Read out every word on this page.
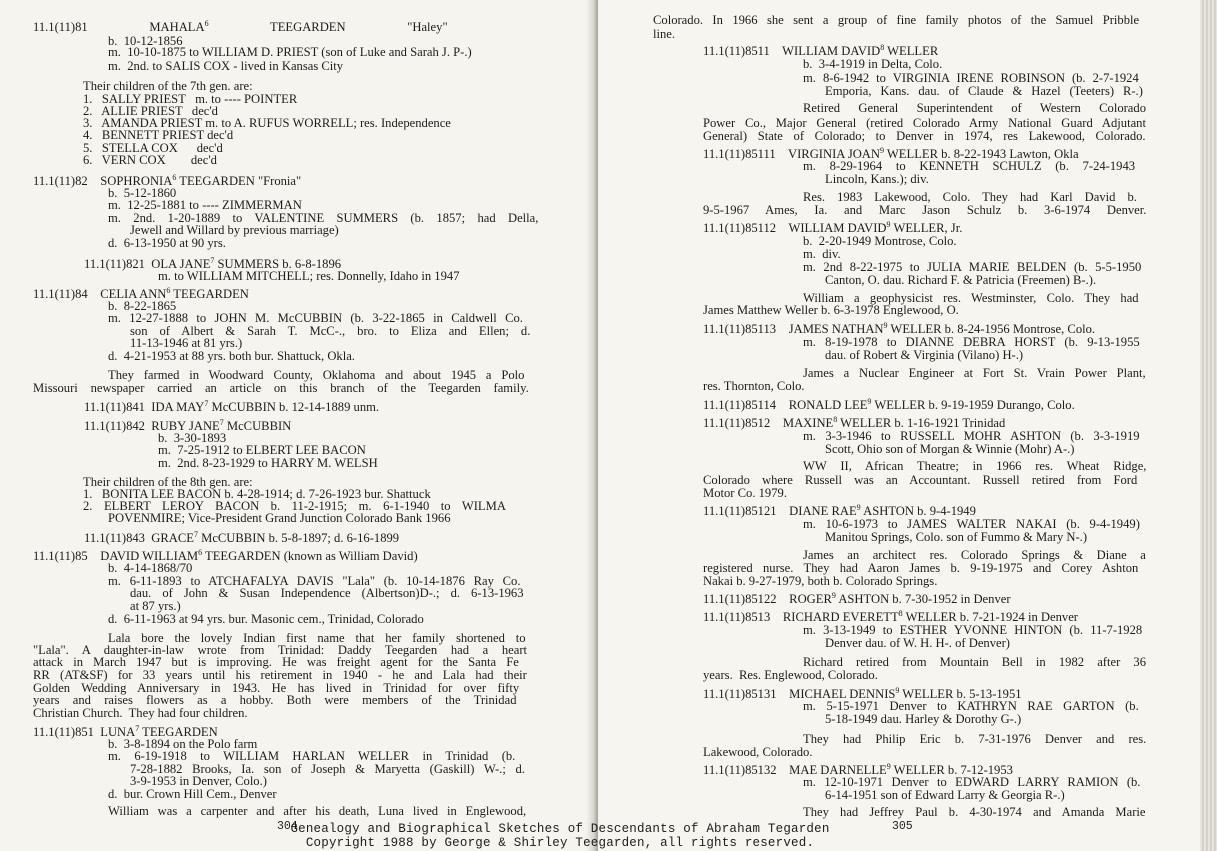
11.1(11)81 MAHALA$^6$ TEEGARDEN "Haley"
b.  10-12-1856
m.  10-10-1875 to WILLIAM D. PRIEST (son of Luke and Sarah J. P-.)
m.  2nd. to SALIS COX - lived in Kansas City
Their children of the 7th gen. are:
1.   SALLY PRIEST   m. to ---- POINTER
2.   ALLIE PRIEST   dec'd
3.   AMANDA PRIEST m. to A. RUFUS WORRELL; res. Independence
4.   BENNETT PRIEST dec'd
5.   STELLA COX      dec'd
6.   VERN COX        dec'd
11.1(11)82    SOPHRONIA$^6$ TEEGARDEN "Fronia"
b.  5-12-1860
m.  12-25-1881 to ---- ZIMMERMAN
m. 2nd. 1-20-1889 to VALENTINE SUMMERS (b. 1857; had Della,
Jewell and Willard by previous marriage)
d.  6-13-1950 at 90 yrs.
11.1(11)821  OLA JANE$^7$ SUMMERS b. 6-8-1896
m. to WILLIAM MITCHELL; res. Donnelly, Idaho in 1947
11.1(11)84    CELIA ANN$^6$ TEEGARDEN
b.  8-22-1865
m. 12-27-1888 to JOHN M. McCUBBIN (b. 3-22-1865 in Caldwell Co.
son of Albert & Sarah T. McC-., bro. to Eliza and Ellen; d.
11-13-1946 at 81 yrs.)
d.  4-21-1953 at 88 yrs. both bur. Shattuck, Okla.
They farmed in Woodward County, Oklahoma and about 1945 a Polo
Missouri newspaper carried an article on this branch of the Teegarden family.
11.1(11)841  IDA MAY$^7$ McCUBBIN b. 12-14-1889 unm.
11.1(11)842  RUBY JANE$^7$ McCUBBIN
b.  3-30-1893
m.  7-25-1912 to ELBERT LEE BACON
m.  2nd. 8-23-1929 to HARRY M. WELSH
Their children of the 8th gen. are:
1.   BONITA LEE BACON b. 4-28-1914; d. 7-26-1923 bur. Shattuck
2. ELBERT LEROY BACON b. 11-2-1915; m. 6-1-1940 to WILMA
POVENMIRE; Vice-President Grand Junction Colorado Bank 1966
11.1(11)843  GRACE$^7$ McCUBBIN b. 5-8-1897; d. 6-16-1899
11.1(11)85    DAVID WILLIAM$^6$ TEEGARDEN (known as William David)
b.  4-14-1868/70
m. 6-11-1893 to ATCHAFALYA DAVIS "Lala" (b. 10-14-1876 Ray Co.
dau. of John & Susan Independence (Albertson)D-.; d. 6-13-1963
at 87 yrs.)
d.  6-11-1963 at 94 yrs. bur. Masonic cem., Trinidad, Colorado
Lala bore the lovely Indian first name that her family shortened to
"Lala". A daughter-in-law wrote from Trinidad: Daddy Teegarden had a heart
attack in March 1947 but is improving. He was freight agent for the Santa Fe
RR (AT&SF) for 33 years until his retirement in 1940 - he and Lala had their
Golden Wedding Anniversary in 1943. He has lived in Trinidad for over fifty
years and raises flowers as a hobby. Both were members of the Trinidad
Christian Church.  They had four children.
11.1(11)851  LUNA$^7$ TEEGARDEN
b.  3-8-1894 on the Polo farm
m. 6-19-1918 to WILLIAM HARLAN WELLER in Trinidad (b.
7-28-1882 Brooks, Ia. son of Joseph & Maryetta (Gaskill) W-.; d.
3-9-1953 in Denver, Colo.)
d.  bur. Crown Hill Cem., Denver
William was a carpenter and after his death, Luna lived in Englewood,
Colorado. In 1966 she sent a group of fine family photos of the Samuel Pribble
line.
11.1(11)8511    WILLIAM DAVID$^8$ WELLER
b.  3-4-1919 in Delta, Colo.
m. 8-6-1942 to VIRGINIA IRENE ROBINSON (b. 2-7-1924
Emporia, Kans. dau. of Claude & Hazel (Teeters) R-.)
Retired General Superintendent of Western Colorado
Power Co., Major General (retired Colorado Army National Guard Adjutant
General) State of Colorado; to Denver in 1974, res Lakewood, Colorado.
11.1(11)85111    VIRGINIA JOAN$^9$ WELLER b. 8-22-1943 Lawton, Okla
m. 8-29-1964 to KENNETH SCHULZ (b. 7-24-1943
Lincoln, Kans.); div.
Res. 1983 Lakewood, Colo. They had Karl David b.
9-5-1967 Ames, Ia. and Marc Jason Schulz b. 3-6-1974 Denver.
11.1(11)85112    WILLIAM DAVID$^9$ WELLER, Jr.
b.  2-20-1949 Montrose, Colo.
m.  div.
m. 2nd 8-22-1975 to JULIA MARIE BELDEN (b. 5-5-1950
Canton, O. dau. Richard F. & Patricia (Freemen) B-.).
William a geophysicist res. Westminster, Colo. They had
James Matthew Weller b. 6-3-1978 Englewood, O.
11.1(11)85113    JAMES NATHAN$^9$ WELLER b. 8-24-1956 Montrose, Colo.
m. 8-19-1978 to DIANNE DEBRA HORST (b. 9-13-1955
dau. of Robert & Virginia (Vilano) H-.)
James a Nuclear Engineer at Fort St. Vrain Power Plant,
res. Thornton, Colo.
11.1(11)85114    RONALD LEE$^9$ WELLER b. 9-19-1959 Durango, Colo.
11.1(11)8512    MAXINE$^8$ WELLER b. 1-16-1921 Trinidad
m. 3-3-1946 to RUSSELL MOHR ASHTON (b. 3-3-1919
Scott, Ohio son of Morgan & Winnie (Mohr) A-.)
WW II, African Theatre; in 1966 res. Wheat Ridge,
Colorado where Russell was an Accountant. Russell retired from Ford
Motor Co. 1979.
11.1(11)85121    DIANE RAE$^9$ ASHTON b. 9-4-1949
m. 10-6-1973 to JAMES WALTER NAKAI (b. 9-4-1949)
Manitou Springs, Colo. son of Fummo & Mary N-.)
James an architect res. Colorado Springs & Diane a
registered nurse. They had Aaron James b. 9-19-1975 and Corey Ashton
Nakai b. 9-27-1979, both b. Colorado Springs.
11.1(11)85122    ROGER$^9$ ASHTON b. 7-30-1952 in Denver
11.1(11)8513    RICHARD EVERETT$^8$ WELLER b. 7-21-1924 in Denver
m. 3-13-1949 to ESTHER YVONNE HINTON (b. 11-7-1928
Denver dau. of W. H. H-. of Denver)
Richard retired from Mountain Bell in 1982 after 36
years.  Res. Englewood, Colorado.
11.1(11)85131    MICHAEL DENNIS$^9$ WELLER b. 5-13-1951
m. 5-15-1971 Denver to KATHRYN RAE GARTON (b.
5-18-1949 dau. Harley & Dorothy G-.)
They had Philip Eric b. 7-31-1976 Denver and res.
Lakewood, Colorado.
11.1(11)85132    MAE DARNELLE$^9$ WELLER b. 7-12-1953
m. 12-10-1971 Denver to EDWARD LARRY RAMION (b.
6-14-1951 son of Edward Larry & Georgia R-.)
They had Jeffrey Paul b. 4-30-1974 and Amanda Marie
304	305
Genealogy and Biographical Sketches of Descendants of Abraham Tegarden
Copyright 1988 by George & Shirley Teegarden, all rights reserved.
